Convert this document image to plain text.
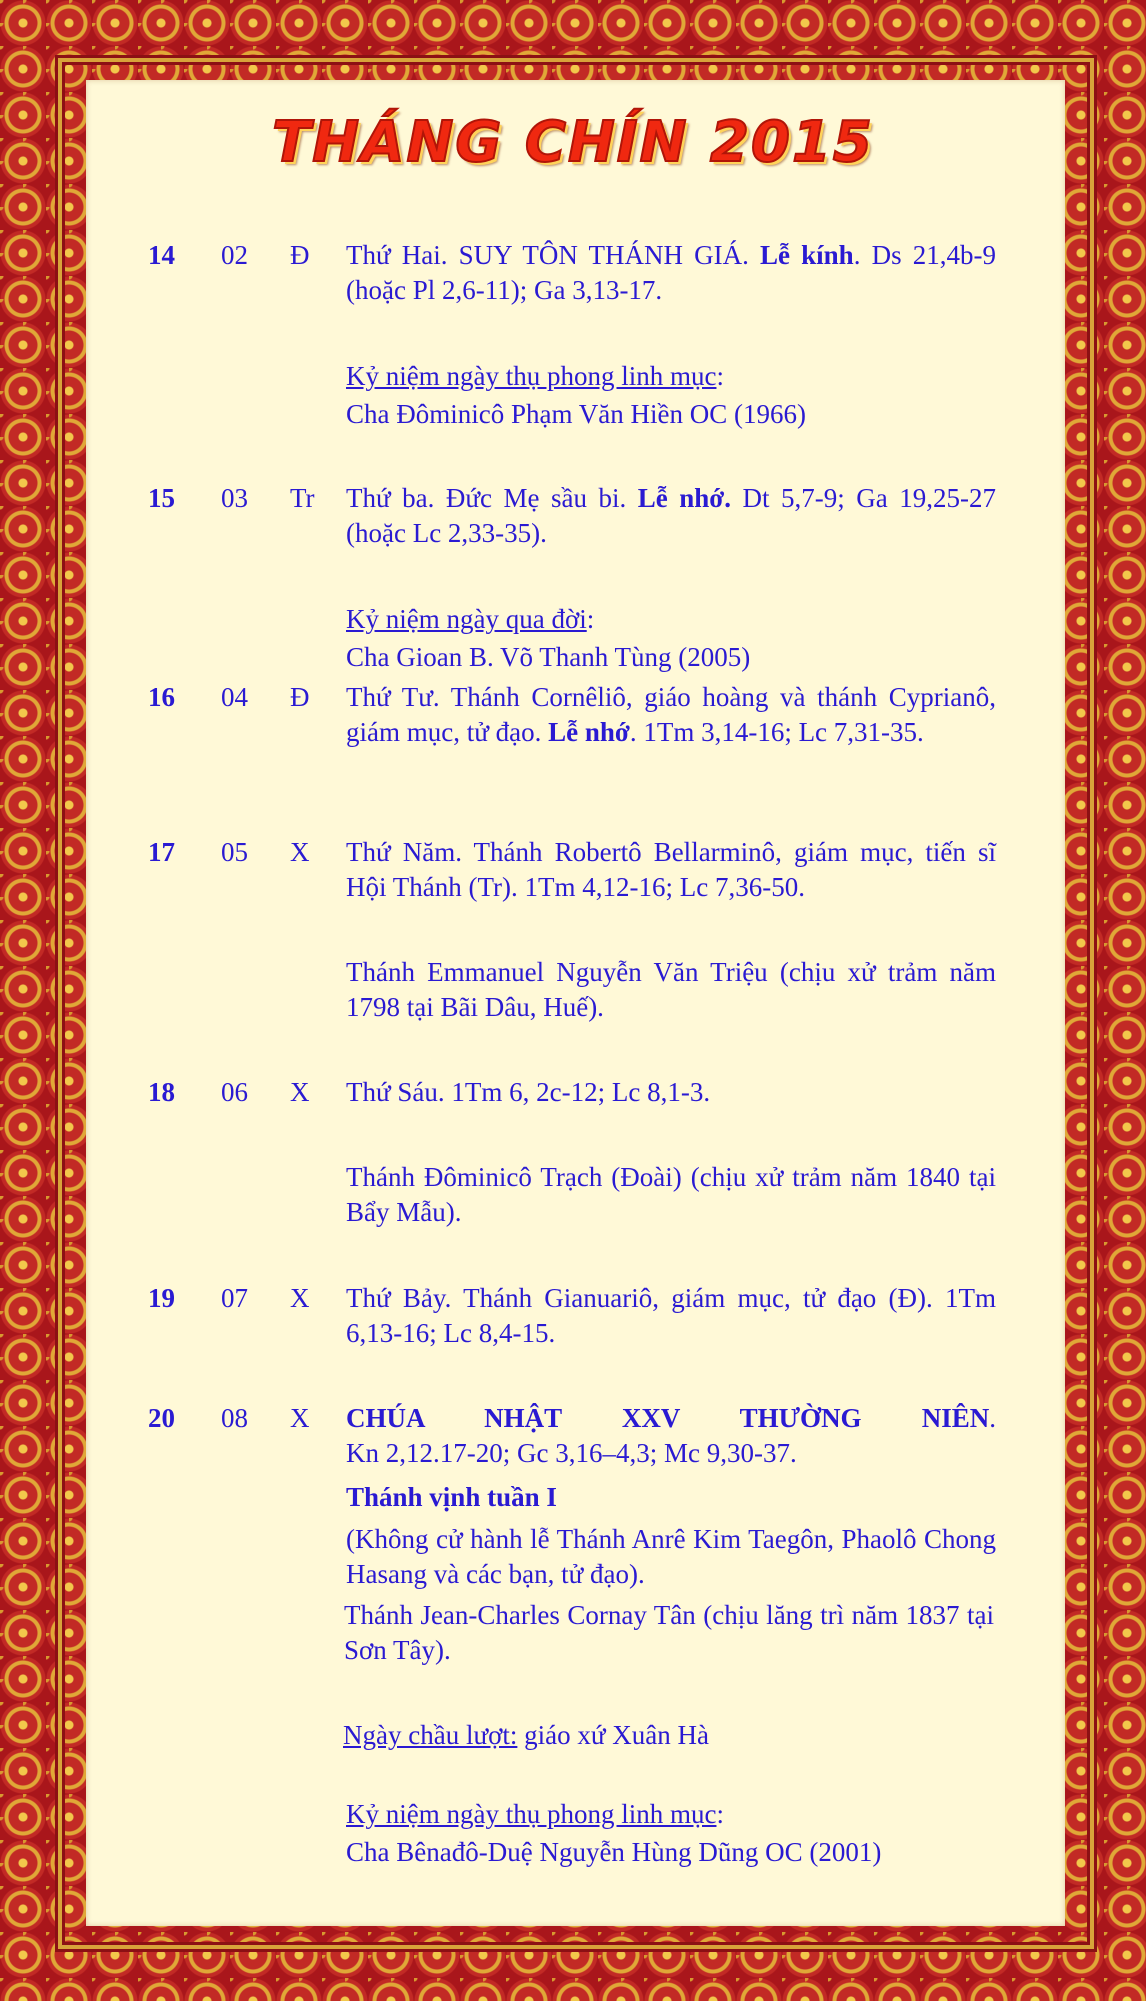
THÁNG CHÍN 2015
14	02	Đ	Thứ Hai. SUY TÔN THÁNH GIÁ. Lễ kính. Ds 21,4b-9 (hoặc Pl 2,6-11); Ga 3,13-17.
Kỷ niệm ngày thụ phong linh mục:
Cha Đôminicô Phạm Văn Hiền OC (1966)
15	03	Tr	Thứ ba. Đức Mẹ sầu bi. Lễ nhớ. Dt 5,7-9; Ga 19,25-27 (hoặc Lc 2,33-35).
Kỷ niệm ngày qua đời:
Cha Gioan B. Võ Thanh Tùng (2005)
16	04	Đ	Thứ Tư. Thánh Cornêliô, giáo hoàng và thánh Cyprianô, giám mục, tử đạo. Lễ nhớ. 1Tm 3,14-16; Lc 7,31-35.
17	05	X	Thứ Năm. Thánh Robertô Bellarminô, giám mục, tiến sĩ Hội Thánh (Tr). 1Tm 4,12-16; Lc 7,36-50.
Thánh Emmanuel Nguyễn Văn Triệu (chịu xử trảm năm 1798 tại Bãi Dâu, Huế).
18	06	X	Thứ Sáu. 1Tm 6, 2c-12; Lc 8,1-3.
Thánh Đôminicô Trạch (Đoài) (chịu xử trảm năm 1840 tại Bẩy Mẫu).
19	07	X	Thứ Bảy. Thánh Gianuariô, giám mục, tử đạo (Đ). 1Tm 6,13-16; Lc 8,4-15.
20	08	X	CHÚA NHẬT XXV THƯỜNG NIÊN.
Kn 2,12.17-20; Gc 3,16–4,3; Mc 9,30-37.
Thánh vịnh tuần I
(Không cử hành lễ Thánh Anrê Kim Taegôn, Phaolô Chong Hasang và các bạn, tử đạo).
Thánh Jean-Charles Cornay Tân (chịu lăng trì năm 1837 tại Sơn Tây).
Ngày chầu lượt: giáo xứ Xuân Hà
Kỷ niệm ngày thụ phong linh mục:
Cha Bênađô-Duệ Nguyễn Hùng Dũng OC (2001)
